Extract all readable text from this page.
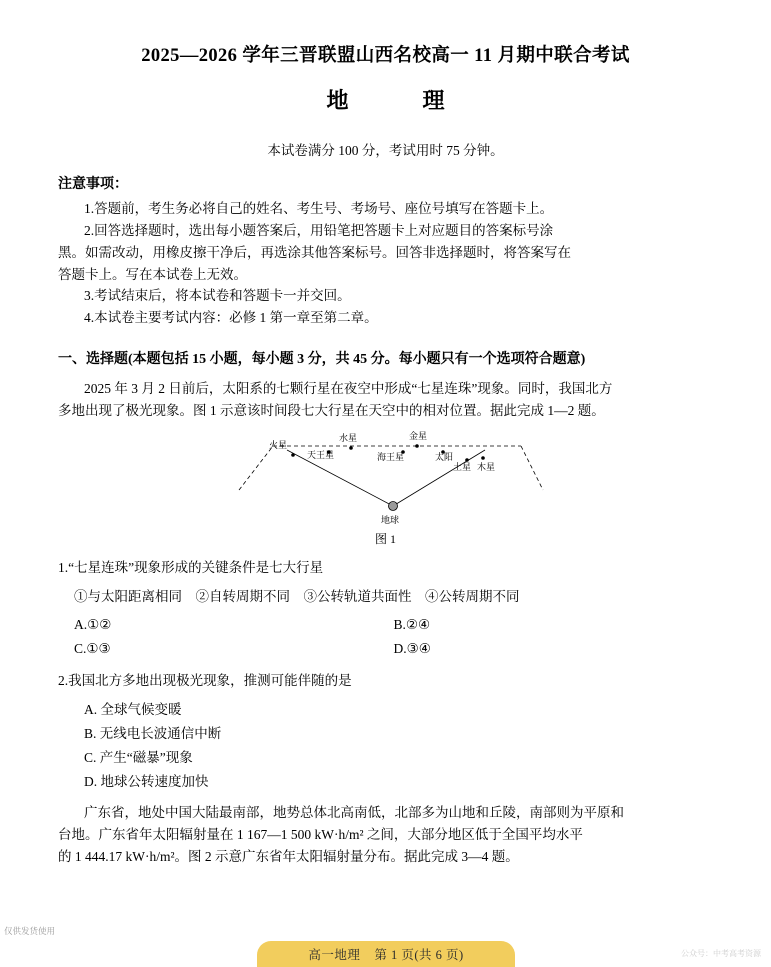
2025—2026 学年三晋联盟山西名校高一 11 月期中联合考试
地　理
本试卷满分 100 分，考试用时 75 分钟。
注意事项：
1.答题前，考生务必将自己的姓名、考生号、考场号、座位号填写在答题卡上。
2.回答选择题时，选出每小题答案后，用铅笔把答题卡上对应题目的答案标号涂
黑。如需改动，用橡皮擦干净后，再选涂其他答案标号。回答非选择题时，将答案写在
答题卡上。写在本试卷上无效。
3.考试结束后，将本试卷和答题卡一并交回。
4.本试卷主要考试内容：必修 1 第一章至第二章。
一、选择题(本题包括 15 小题，每小题 3 分，共 45 分。每小题只有一个选项符合题意)
2025 年 3 月 2 日前后，太阳系的七颗行星在夜空中形成“七星连珠”现象。同时，我国北方
多地出现了极光现象。图 1 示意该时间段七大行星在天空中的相对位置。据此完成 1—2 题。
火星
水星	金星
天王星	海王星	太阳
土星 木星
地球
图 1
1.“七星连珠”现象形成的关键条件是七大行星
①与太阳距离相同　②自转周期不同　③公转轨道共面性　④公转周期不同
A.①②	B.②④
C.①③	D.③④
2.我国北方多地出现极光现象，推测可能伴随的是
A. 全球气候变暖
B. 无线电长波通信中断
C. 产生“磁暴”现象
D. 地球公转速度加快
广东省，地处中国大陆最南部，地势总体北高南低，北部多为山地和丘陵，南部则为平原和
台地。广东省年太阳辐射量在 1 167—1 500 kW·h/m² 之间，大部分地区低于全国平均水平
的 1 444.17 kW·h/m²。图 2 示意广东省年太阳辐射量分布。据此完成 3—4 题。
仅供发货使用
高一地理 第 1 页(共 6 页)	公众号：中考高考资源
